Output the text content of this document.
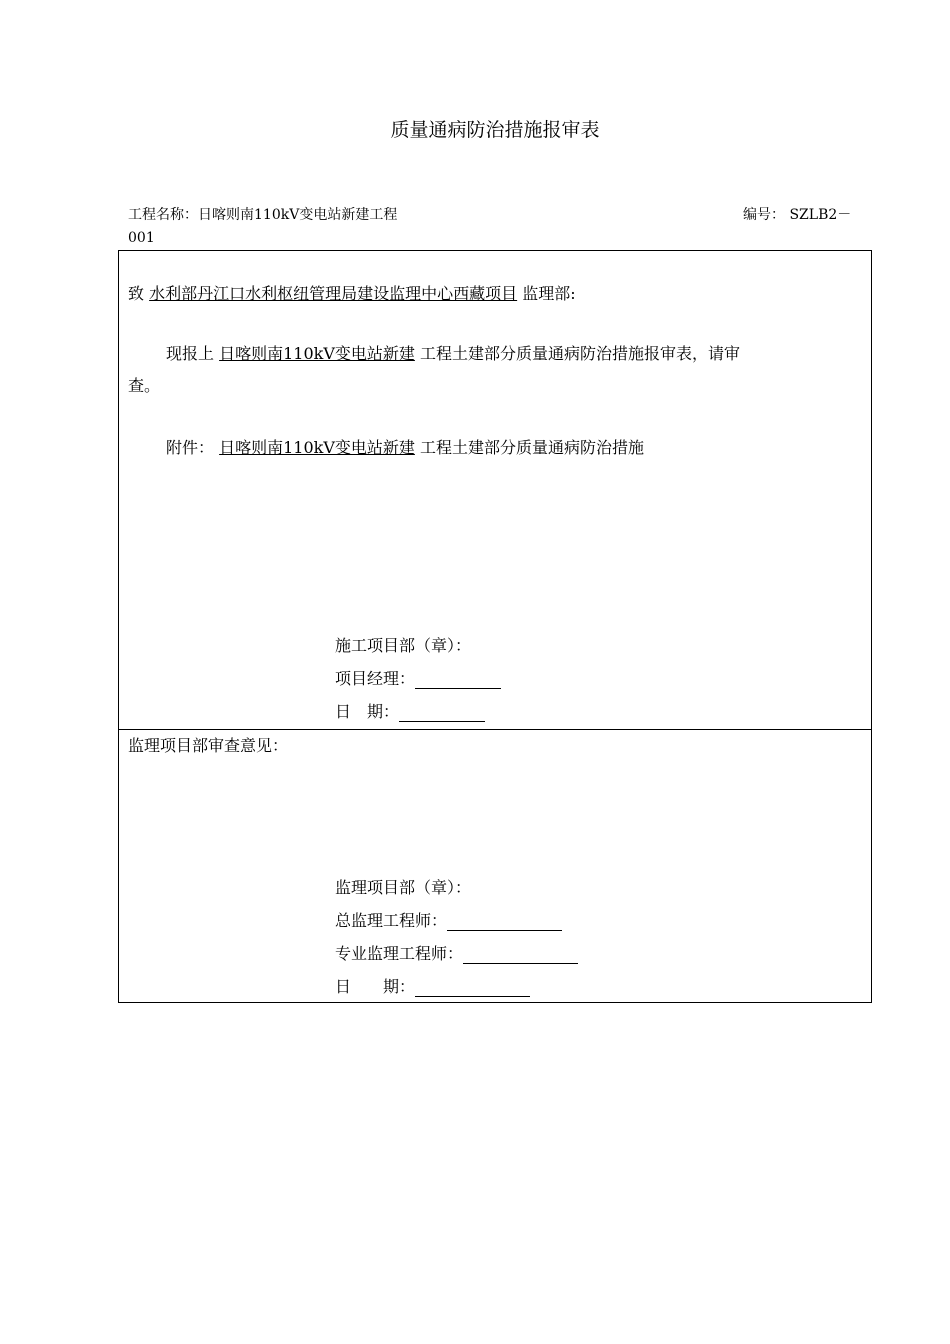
质量通病防治措施报审表
工程名称：日喀则南110kV变电站新建工程	编号： SZLB2－
001
致 水利部丹江口水利枢纽管理局建设监理中心西藏项目 监理部:
现报上 日喀则南110kV变电站新建 工程土建部分质量通病防治措施报审表，请审
查。
附件： 日喀则南110kV变电站新建 工程土建部分质量通病防治措施
施工项目部（章）：
项目经理：
日　期：
监理项目部审查意见：
监理项目部（章）：
总监理工程师：
专业监理工程师：
日　　期：
